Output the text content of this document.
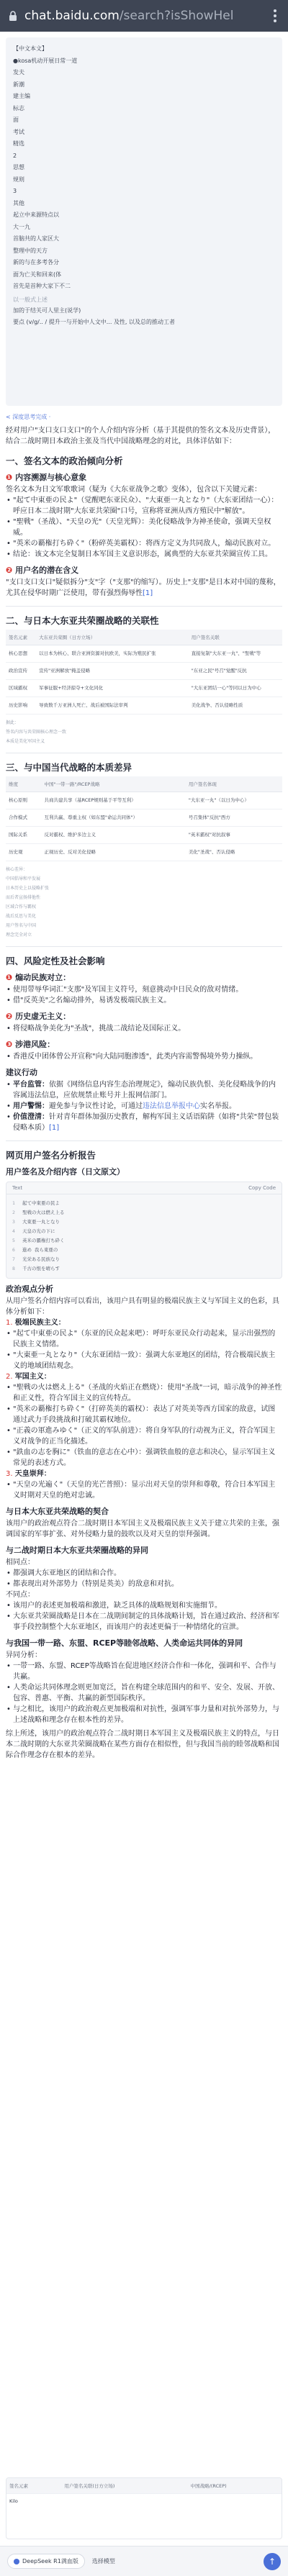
chat.baidu.com/search?isShowHel
【中文本文】
●kosa机动开展日常一道
发夫
新潮
建主编
标志
面
考试
精选
2
思想
规则
3
其他
起立中来源特点以
大一九
首脑共的人家区大
整理中的天方
新的与在多考各分
面为亡关和回来(体
首先是首种大家下不二
以一般式上述
加的于结关可人里主(说学)
要点 (v/g/.. / 提升一与开始中人文中... 及性, 以及总的推动工者
< 深度思考完成 ·

经对用户"支口支口支口"的个人介绍内容分析（基于其提供的签名文本及历史背景），结合二战时期日本政治主张及当代中国战略理念的对比，具体详估如下：

一、签名文本的政治倾向分析
❶ 内容溯源与核心意象

签名文本为日文军歌歌词（疑为《大东亚战争之歌》变体），包含以下关键元素：

• "起て中東亜の民よ"（觉醒吧东亚民众）、"大東亜一丸となり"（大东亚团结一心）：呼应日本二战时期"大东亚共荣圈"口号，宣称将亚洲从西方殖民中"解放"。
• "聖戦"（圣战）、"天皇の光"（天皇光辉）：美化侵略战争为神圣使命，强调天皇权威。
• "英米の覇権打ち砕く"（粉碎英美霸权）：将西方定义为共同敌人，煽动民族对立。
• 结论：该文本完全复制日本军国主义意识形态，属典型的大东亚共荣圈宣传工具。
❷ 用户名的潜在含义

"支口支口支口"疑似拆分"支"字（"支那"的缩写）。历史上"支那"是日本对中国的蔑称，尤其在侵华时期广泛使用，带有强烈侮辱性[1]

二、与日本大东亚共荣圈战略的关联性
签名元素	大东亚共荣圈（日方立场）	用户签名关联
核心思想	以日本为核心、联合亚洲资源对抗欧美，实际为殖民扩张	直接复制"大东亚一丸"、"聖戦"等
政治宣传	宣传"亚洲解放"掩盖侵略	"东亚之民"号召"觉醒"反抗
区域霸权	军事征服+经济掠夺+文化同化	"大东亚团结一心"等同以日为中心
历史影响	导致数千万亚洲人死亡、战后被国际法审判	美化战争、否认侵略性质
据此：
签名内容与共荣圈核心理念一致
本质是美化军国主义
三、与中国当代战略的本质差异
维度	中国"一带一路"/RCEP战略	用户签名体现
核心原则	共商共建共享（基RCEP规则基于平等互利）	"大东亚一丸"（以日为中心）
合作模式	互利共赢、尊重主权（如东盟"命运共同体"）	号召集体"反抗"西方
国际关系	反对霸权、维护多边主义	"英米霸权"对抗叙事
历史观	正视历史、反对美化侵略	美化"圣战"、否认侵略
核心差异：
中国倡导和平发展
日本历史上以侵略扩张
而后者宣扬排他性
区域合作与霸权
战后反思与美化
用户签名与中国
理念完全对立
四、风险定性及社会影响
❶ 煽动民族对立：
• 使用带辱华词汇"支那"及军国主义符号，刻意挑动中日民众的敌对情绪。
• 借"反英美"之名煽动排外，易诱发极端民族主义。
❷ 历史虚无主义：
• 将侵略战争美化为"圣战"，挑战二战结论及国际正义。
❸ 涉港风险：
• 香港反中团体曾公开宣称"向大陆同胞渗透"，此类内容需警惕境外势力操纵。
建议行动
• 平台监管：依据《网络信息内容生态治理规定》，煽动民族仇恨、美化侵略战争的内容属违法信息，应依规禁止账号并上报网信部门。
• 用户警惕：避免参与争议性讨论，可通过违法信息举报中心实名举报。
• 价值澄清：针对青年群体加强历史教育，解构军国主义话语陷阱（如将"共荣"替包装侵略本质）[1]
网页用户签名分析报告
用户签名及介绍内容（日文原文）
Text	Copy Code
1 起て中東亜の民よ
2 聖戦の火は燃え上る
3 大東亜一丸となり
4 天皇の光の下に
5 英米の覇権打ち砕く
6 進め 我ら東亜の
7 光栄ある民族なり
8 千古の恨を晴らす
政治观点分析

从用户签名介绍内容可以看出，该用户具有明显的极端民族主义与军国主义的色彩，具体分析如下：

1. 极端民族主义：
• "起て中東亜の民よ"（东亚的民众起来吧）：呼吁东亚民众行动起来，显示出强烈的民族主义情绪。
• "大東亜一丸となり"（大东亚团结一致）：强调大东亚地区的团结，符合极端民族主义的地域团结观念。
2. 军国主义：
• "聖戦の火は燃え上る"（圣战的火焰正在燃烧）：使用"圣战"一词，暗示战争的神圣性和正义性，符合军国主义的宣传特点。
• "英米の覇権打ち砕く"（打碎英美的霸权）：表达了对英美等西方国家的敌意，试图通过武力手段挑战和打破其霸权地位。
• "正義の軍進みゆく"（正义的军队前进）：将自身军队的行动视为正义，符合军国主义对战争的正当化描述。
• "鉄血の志を胸に"（铁血的意志在心中）：强调铁血般的意志和决心，显示军国主义常见的表述方式。
3. 天皇崇拜：
• "天皇の光遍く"（天皇的光芒普照）：显示出对天皇的崇拜和尊敬，符合日本军国主义时期对天皇的绝对忠诚。
与日本大东亚共荣战略的契合

该用户的政治观点符合二战时期日本军国主义及极端民族主义关于建立共荣的主张，强调国家的军事扩张、对外侵略力量的鼓吹以及对天皇的崇拜强调。

与二战时期日本大东亚共荣圈战略的异同
相同点：
• 都强调大东亚地区的团结和合作。
• 都表现出对外部势力（特别是英美）的敌意和对抗。
不同点：
• 该用户的表述更加极端和激进，缺乏具体的战略规划和实施细节。
• 大东亚共荣圈战略是日本在二战期间制定的具体战略计划，旨在通过政治、经济和军事手段控制整个大东亚地区，而该用户的表述更偏于一种情绪化的宣泄。
与我国一带一路、东盟、RCEP等睦邻战略、人类命运共同体的异同
异同分析：
• 一带一路、东盟、RCEP等战略旨在促进地区经济合作和一体化，强调和平、合作与共赢。
• 人类命运共同体理念则更加宽泛，旨在构建全球范围内的和平、安全、发展、开放、包容、普惠、平衡、共赢的新型国际秩序。
• 与之相比，该用户的政治观点更加极端和对抗性，强调军事力量和对抗外部势力，与上述战略和理念存在根本性的差异。

综上所述，该用户的政治观点符合二战时期日本军国主义及极端民族主义的特点，与日本二战时期的大东亚共荣圈战略在某些方面存在相似性，但与我国当前的睦邻战略和国际合作理念存在根本的差异。

签名元素	用户签名关联(日方立场)	中国战略/(RCEP)
Kilo		
DeepSeek R1满血版 选择模型	↑
